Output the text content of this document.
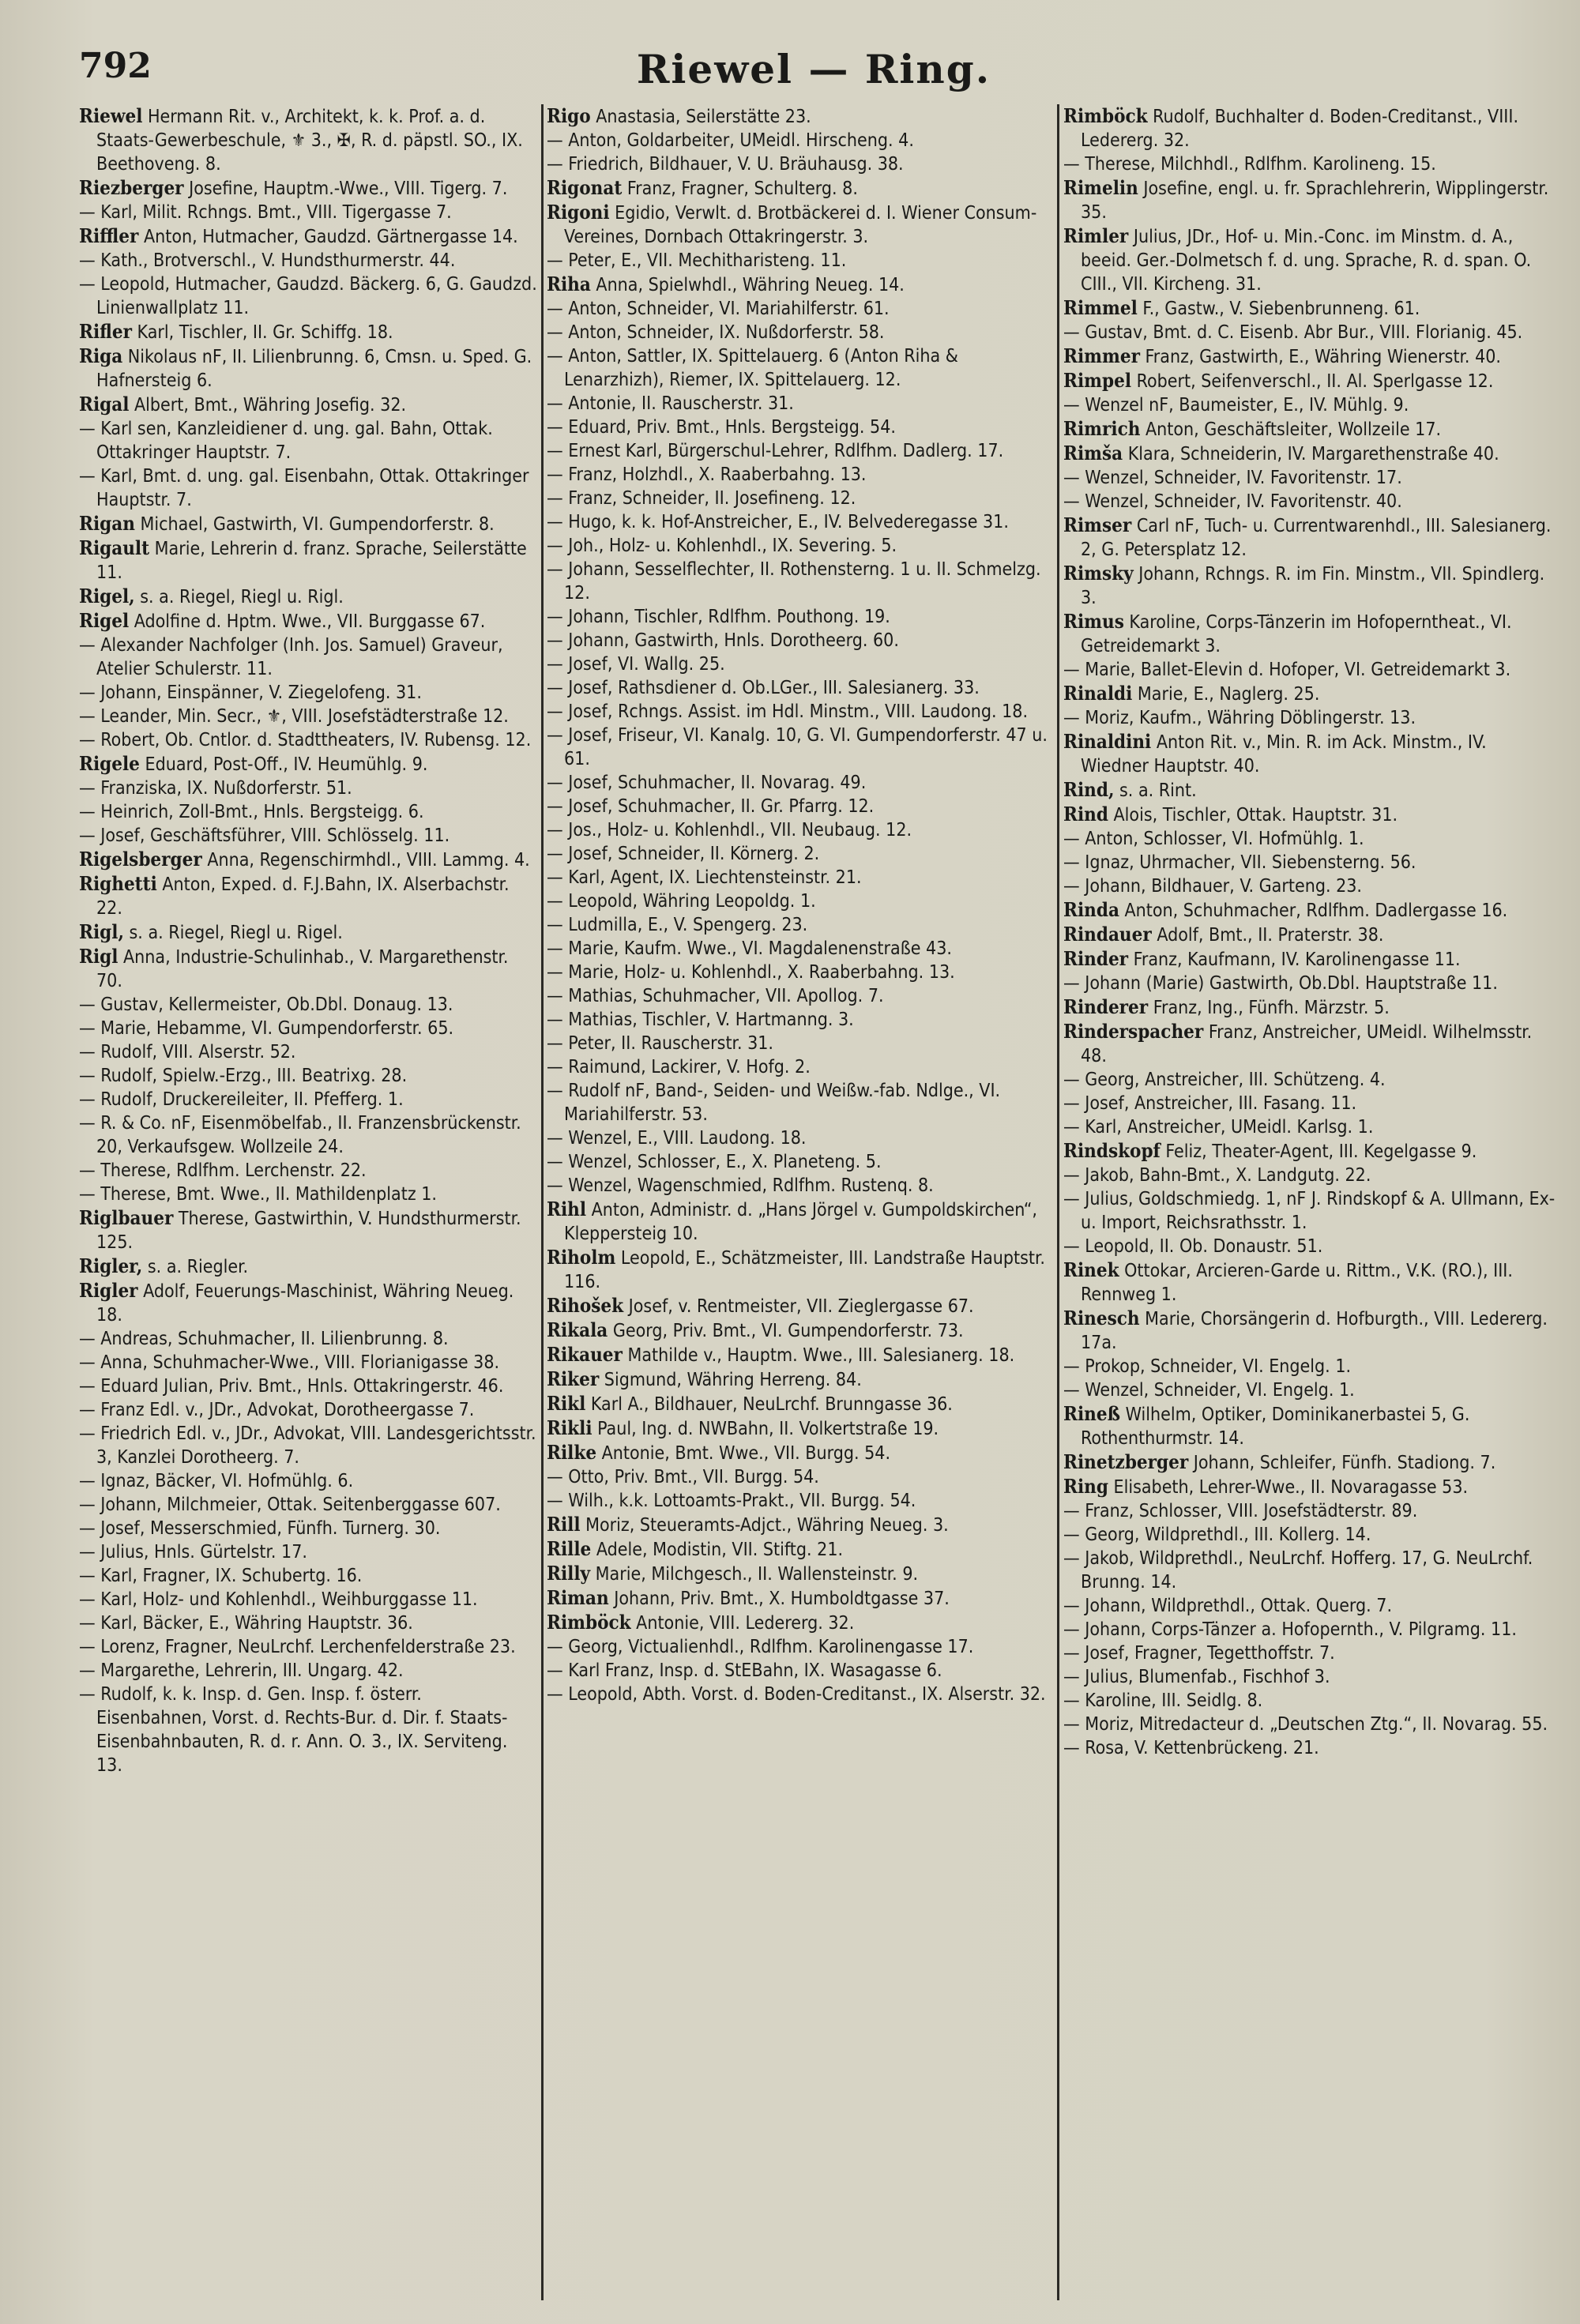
792	Riewel — Ring.

Riewel Hermann Rit. v., Architekt, k. k. Prof. a. d. Staats-Gewerbeschule, ⚜ 3., ✠, R. d. päpstl. SO., IX. Beethoveng. 8.

Riezberger Josefine, Hauptm.-Wwe., VIII. Tigerg. 7.

— Karl, Milit. Rchngs. Bmt., VIII. Tigergasse 7.

Riffler Anton, Hutmacher, Gaudzd. Gärtnergasse 14.

— Kath., Brotverschl., V. Hundsthurmerstr. 44.

— Leopold, Hutmacher, Gaudzd. Bäckerg. 6, G. Gaudzd. Linienwallplatz 11.

Rifler Karl, Tischler, II. Gr. Schiffg. 18.

Riga Nikolaus nF, II. Lilienbrunng. 6, Cmsn. u. Sped. G. Hafnersteig 6.

Rigal Albert, Bmt., Währing Josefig. 32.

— Karl sen, Kanzleidiener d. ung. gal. Bahn, Ottak. Ottakringer Hauptstr. 7.

— Karl, Bmt. d. ung. gal. Eisenbahn, Ottak. Ottakringer Hauptstr. 7.

Rigan Michael, Gastwirth, VI. Gumpendorferstr. 8.

Rigault Marie, Lehrerin d. franz. Sprache, Seilerstätte 11.

Rigel, s. a. Riegel, Riegl u. Rigl.

Rigel Adolfine d. Hptm. Wwe., VII. Burggasse 67.

— Alexander Nachfolger (Inh. Jos. Samuel) Graveur, Atelier Schulerstr. 11.

— Johann, Einspänner, V. Ziegelofeng. 31.

— Leander, Min. Secr., ⚜, VIII. Josefstädterstraße 12.

— Robert, Ob. Cntlor. d. Stadttheaters, IV. Rubensg. 12.

Rigele Eduard, Post-Off., IV. Heumühlg. 9.

— Franziska, IX. Nußdorferstr. 51.

— Heinrich, Zoll-Bmt., Hnls. Bergsteigg. 6.

— Josef, Geschäftsführer, VIII. Schlösselg. 11.

Rigelsberger Anna, Regenschirmhdl., VIII. Lammg. 4.

Righetti Anton, Exped. d. F.J.Bahn, IX. Alserbachstr. 22.

Rigl, s. a. Riegel, Riegl u. Rigel.

Rigl Anna, Industrie-Schulinhab., V. Margarethenstr. 70.

— Gustav, Kellermeister, Ob.Dbl. Donaug. 13.

— Marie, Hebamme, VI. Gumpendorferstr. 65.

— Rudolf, VIII. Alserstr. 52.

— Rudolf, Spielw.-Erzg., III. Beatrixg. 28.

— Rudolf, Druckereileiter, II. Pfefferg. 1.

— R. & Co. nF, Eisenmöbelfab., II. Franzensbrückenstr. 20, Verkaufsgew. Wollzeile 24.

— Therese, Rdlfhm. Lerchenstr. 22.

— Therese, Bmt. Wwe., II. Mathildenplatz 1.

Riglbauer Therese, Gastwirthin, V. Hundsthurmerstr. 125.

Rigler, s. a. Riegler.

Rigler Adolf, Feuerungs-Maschinist, Währing Neueg. 18.

— Andreas, Schuhmacher, II. Lilienbrunng. 8.

— Anna, Schuhmacher-Wwe., VIII. Florianigasse 38.

— Eduard Julian, Priv. Bmt., Hnls. Ottakringerstr. 46.

— Franz Edl. v., JDr., Advokat, Dorotheergasse 7.

— Friedrich Edl. v., JDr., Advokat, VIII. Landesgerichtsstr. 3, Kanzlei Dorotheerg. 7.

— Ignaz, Bäcker, VI. Hofmühlg. 6.

— Johann, Milchmeier, Ottak. Seitenberggasse 607.

— Josef, Messerschmied, Fünfh. Turnerg. 30.

— Julius, Hnls. Gürtelstr. 17.

— Karl, Fragner, IX. Schubertg. 16.

— Karl, Holz- und Kohlenhdl., Weihburggasse 11.

— Karl, Bäcker, E., Währing Hauptstr. 36.

— Lorenz, Fragner, NeuLrchf. Lerchenfelderstraße 23.

— Margarethe, Lehrerin, III. Ungarg. 42.

— Rudolf, k. k. Insp. d. Gen. Insp. f. österr. Eisenbahnen, Vorst. d. Rechts-Bur. d. Dir. f. Staats-Eisenbahnbauten, R. d. r. Ann. O. 3., IX. Serviteng. 13.

Rigo Anastasia, Seilerstätte 23.

— Anton, Goldarbeiter, UMeidl. Hirscheng. 4.

— Friedrich, Bildhauer, V. U. Bräuhausg. 38.

Rigonat Franz, Fragner, Schulterg. 8.

Rigoni Egidio, Verwlt. d. Brotbäckerei d. I. Wiener Consum-Vereines, Dornbach Ottakringerstr. 3.

— Peter, E., VII. Mechitharisteng. 11.

Riha Anna, Spielwhdl., Währing Neueg. 14.

— Anton, Schneider, VI. Mariahilferstr. 61.

— Anton, Schneider, IX. Nußdorferstr. 58.

— Anton, Sattler, IX. Spittelauerg. 6 (Anton Riha & Lenarzhizh), Riemer, IX. Spittelauerg. 12.

— Antonie, II. Rauscherstr. 31.

— Eduard, Priv. Bmt., Hnls. Bergsteigg. 54.

— Ernest Karl, Bürgerschul-Lehrer, Rdlfhm. Dadlerg. 17.

— Franz, Holzhdl., X. Raaberbahng. 13.

— Franz, Schneider, II. Josefineng. 12.

— Hugo, k. k. Hof-Anstreicher, E., IV. Belvederegasse 31.

— Joh., Holz- u. Kohlenhdl., IX. Severing. 5.

— Johann, Sesselflechter, II. Rothensterng. 1 u. II. Schmelzg. 12.

— Johann, Tischler, Rdlfhm. Pouthong. 19.

— Johann, Gastwirth, Hnls. Dorotheerg. 60.

— Josef, VI. Wallg. 25.

— Josef, Rathsdiener d. Ob.LGer., III. Salesianerg. 33.

— Josef, Rchngs. Assist. im Hdl. Minstm., VIII. Laudong. 18.

— Josef, Friseur, VI. Kanalg. 10, G. VI. Gumpendorferstr. 47 u. 61.

— Josef, Schuhmacher, II. Novarag. 49.

— Josef, Schuhmacher, II. Gr. Pfarrg. 12.

— Jos., Holz- u. Kohlenhdl., VII. Neubaug. 12.

— Josef, Schneider, II. Körnerg. 2.

— Karl, Agent, IX. Liechtensteinstr. 21.

— Leopold, Währing Leopoldg. 1.

— Ludmilla, E., V. Spengerg. 23.

— Marie, Kaufm. Wwe., VI. Magdalenenstraße 43.

— Marie, Holz- u. Kohlenhdl., X. Raaberbahng. 13.

— Mathias, Schuhmacher, VII. Apollog. 7.

— Mathias, Tischler, V. Hartmanng. 3.

— Peter, II. Rauscherstr. 31.

— Raimund, Lackirer, V. Hofg. 2.

— Rudolf nF, Band-, Seiden- und Weißw.-fab. Ndlge., VI. Mariahilferstr. 53.

— Wenzel, E., VIII. Laudong. 18.

— Wenzel, Schlosser, E., X. Planeteng. 5.

— Wenzel, Wagenschmied, Rdlfhm. Rustenq. 8.

Rihl Anton, Administr. d. „Hans Jörgel v. Gumpoldskirchen“, Kleppersteig 10.

Riholm Leopold, E., Schätzmeister, III. Landstraße Hauptstr. 116.

Rihošek Josef, v. Rentmeister, VII. Zieglergasse 67.

Rikala Georg, Priv. Bmt., VI. Gumpendorferstr. 73.

Rikauer Mathilde v., Hauptm. Wwe., III. Salesianerg. 18.

Riker Sigmund, Währing Herreng. 84.

Rikl Karl A., Bildhauer, NeuLrchf. Brunngasse 36.

Rikli Paul, Ing. d. NWBahn, II. Volkertstraße 19.

Rilke Antonie, Bmt. Wwe., VII. Burgg. 54.

— Otto, Priv. Bmt., VII. Burgg. 54.

— Wilh., k.k. Lottoamts-Prakt., VII. Burgg. 54.

Rill Moriz, Steueramts-Adjct., Währing Neueg. 3.

Rille Adele, Modistin, VII. Stiftg. 21.

Rilly Marie, Milchgesch., II. Wallensteinstr. 9.

Riman Johann, Priv. Bmt., X. Humboldtgasse 37.

Rimböck Antonie, VIII. Ledererg. 32.

— Georg, Victualienhdl., Rdlfhm. Karolinengasse 17.

— Karl Franz, Insp. d. StEBahn, IX. Wasagasse 6.

— Leopold, Abth. Vorst. d. Boden-Creditanst., IX. Alserstr. 32.

Rimböck Rudolf, Buchhalter d. Boden-Creditanst., VIII. Ledererg. 32.

— Therese, Milchhdl., Rdlfhm. Karolineng. 15.

Rimelin Josefine, engl. u. fr. Sprachlehrerin, Wipplingerstr. 35.

Rimler Julius, JDr., Hof- u. Min.-Conc. im Minstm. d. A., beeid. Ger.-Dolmetsch f. d. ung. Sprache, R. d. span. O. CIII., VII. Kircheng. 31.

Rimmel F., Gastw., V. Siebenbrunneng. 61.

— Gustav, Bmt. d. C. Eisenb. Abr Bur., VIII. Florianig. 45.

Rimmer Franz, Gastwirth, E., Währing Wienerstr. 40.

Rimpel Robert, Seifenverschl., II. Al. Sperlgasse 12.

— Wenzel nF, Baumeister, E., IV. Mühlg. 9.

Rimrich Anton, Geschäftsleiter, Wollzeile 17.

Rimša Klara, Schneiderin, IV. Margarethenstraße 40.

— Wenzel, Schneider, IV. Favoritenstr. 17.

— Wenzel, Schneider, IV. Favoritenstr. 40.

Rimser Carl nF, Tuch- u. Currentwarenhdl., III. Salesianerg. 2, G. Petersplatz 12.

Rimsky Johann, Rchngs. R. im Fin. Minstm., VII. Spindlerg. 3.

Rimus Karoline, Corps-Tänzerin im Hofopernthеat., VI. Getreidemarkt 3.

— Marie, Ballet-Elevin d. Hofoper, VI. Getreidemarkt 3.

Rinaldi Marie, E., Naglerg. 25.

— Moriz, Kaufm., Währing Döblingerstr. 13.

Rinaldini Anton Rit. v., Min. R. im Ack. Minstm., IV. Wiedner Hauptstr. 40.

Rind, s. a. Rint.

Rind Alois, Tischler, Ottak. Hauptstr. 31.

— Anton, Schlosser, VI. Hofmühlg. 1.

— Ignaz, Uhrmacher, VII. Siebensterng. 56.

— Johann, Bildhauer, V. Garteng. 23.

Rinda Anton, Schuhmacher, Rdlfhm. Dadlergasse 16.

Rindauer Adolf, Bmt., II. Praterstr. 38.

Rinder Franz, Kaufmann, IV. Karolinengasse 11.

— Johann (Marie) Gastwirth, Ob.Dbl. Hauptstraße 11.

Rinderer Franz, Ing., Fünfh. Märzstr. 5.

Rinderspacher Franz, Anstreicher, UMeidl. Wilhelmsstr. 48.

— Georg, Anstreicher, III. Schützeng. 4.

— Josef, Anstreicher, III. Fasang. 11.

— Karl, Anstreicher, UMeidl. Karlsg. 1.

Rindskopf Feliz, Theater-Agent, III. Kegelgasse 9.

— Jakob, Bahn-Bmt., X. Landgutg. 22.

— Julius, Goldschmiedg. 1, nF J. Rindskopf & A. Ullmann, Ex- u. Import, Reichsrathsstr. 1.

— Leopold, II. Ob. Donaustr. 51.

Rinek Ottokar, Arcieren-Garde u. Rittm., V.K. (RO.), III. Rennweg 1.

Rinesch Marie, Chorsängerin d. Hofburgth., VIII. Ledererg. 17a.

— Prokop, Schneider, VI. Engelg. 1.

— Wenzel, Schneider, VI. Engelg. 1.

Rineß Wilhelm, Optiker, Dominikanerbastei 5, G. Rothenthurmstr. 14.

Rinetzberger Johann, Schleifer, Fünfh. Stadiong. 7.

Ring Elisabeth, Lehrer-Wwe., II. Novaragasse 53.

— Franz, Schlosser, VIII. Josefstädterstr. 89.

— Georg, Wildprethdl., III. Kollerg. 14.

— Jakob, Wildprethdl., NeuLrchf. Hofferg. 17, G. NeuLrchf. Brunng. 14.

— Johann, Wildprethdl., Ottak. Querg. 7.

— Johann, Corps-Tänzer a. Hofopernth., V. Pilgramg. 11.

— Josef, Fragner, Tegetthoffstr. 7.

— Julius, Blumenfab., Fischhof 3.

— Karoline, III. Seidlg. 8.

— Moriz, Mitredacteur d. „Deutschen Ztg.“, II. Novarag. 55.

— Rosa, V. Kettenbrückeng. 21.
